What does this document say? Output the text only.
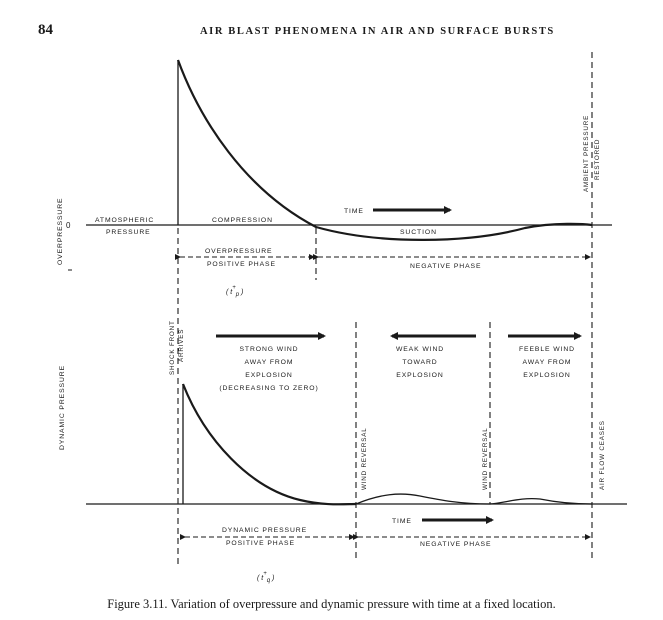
84	AIR BLAST PHENOMENA IN AIR AND SURFACE BURSTS
0
OVERPRESSURE	ATMOSPHERIC
PRESSURE
COMPRESSION
SUCTION
TIME
AMBIENT PRESSURE RESTORED
OVERPRESSURE
POSITIVE PHASE	NEGATIVE PHASE
( t+p )
SHOCK FRONT ARRIVES
DYNAMIC PRESSURE
STRONG WIND
AWAY FROM
EXPLOSION
(DECREASING TO ZERO)
WEAK WIND
TOWARD
EXPLOSION
FEEBLE WIND
AWAY FROM
EXPLOSION
WIND REVERSAL	WIND REVERSAL	AIR FLOW CEASES
TIME
DYNAMIC PRESSURE
POSITIVE PHASE	NEGATIVE PHASE
( t+q )
Figure 3.11. Variation of overpressure and dynamic pressure with time at a fixed location.
